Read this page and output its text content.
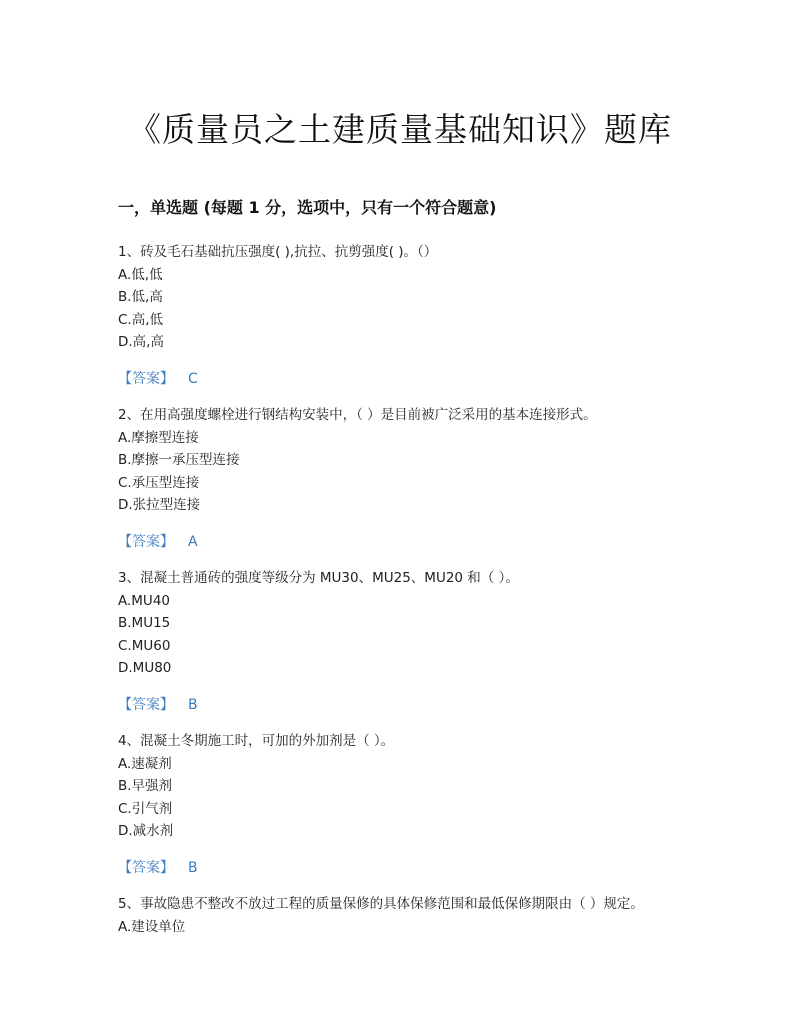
《质量员之土建质量基础知识》题库
一，单选题 (每题 1 分，选项中，只有一个符合题意)
1、砖及毛石基础抗压强度( ),抗拉、抗剪强度( )。（）
A.低,低
B.低,高
C.高,低
D.高,高
【答案】 C
2、在用高强度螺栓进行钢结构安装中，（ ）是目前被广泛采用的基本连接形式。
A.摩擦型连接
B.摩擦一承压型连接
C.承压型连接
D.张拉型连接
【答案】 A
3、混凝土普通砖的强度等级分为 MU30、MU25、MU20 和（ ）。
A.MU40
B.MU15
C.MU60
D.MU80
【答案】 B
4、混凝土冬期施工时，可加的外加剂是（ ）。
A.速凝剂
B.早强剂
C.引气剂
D.减水剂
【答案】 B
5、事故隐患不整改不放过工程的质量保修的具体保修范围和最低保修期限由（ ）规定。
A.建设单位
